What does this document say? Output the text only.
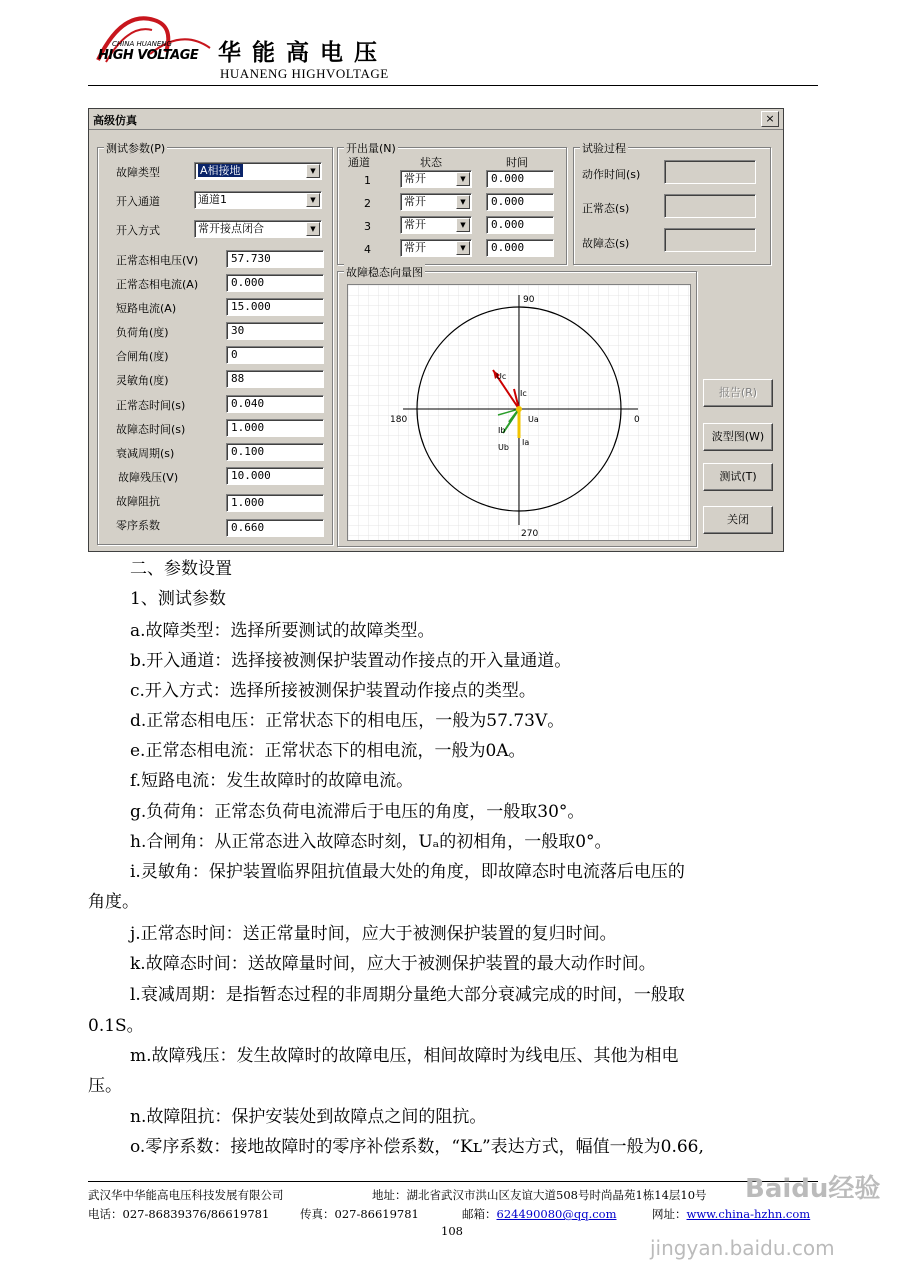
CHINA HUANENG
HIGH VOLTAGE 华能高电压
HUANENG HIGHVOLTAGE
高级仿真	×
测试参数(P)
故障类型	A相接地	▼
开入通道	通道1	▼
开入方式	常开接点闭合	▼
正常态相电压(V)	57.730
正常态相电流(A)	0.000
短路电流(A)	15.000
负荷角(度)	30
合闸角(度)	0
灵敏角(度)	88
正常态时间(s)	0.040
故障态时间(s)	1.000
衰减周期(s)	0.100
故障残压(V)	10.000
故障阻抗	1.000
零序系数	0.660
开出量(N)
通道	状态	时间
1	常开	▼	0.000
2	常开	▼	0.000
3	常开	▼	0.000
4	常开	▼	0.000
试验过程
动作时间(s)
正常态(s)
故障态(s)
故障稳态向量图
90
180	0
270
Uc
Ic
Ua
Ib
Ia
Ub
报告(R)
波型图(W)
测试(T)
关闭
二、参数设置
1、测试参数
a.故障类型：选择所要测试的故障类型。
b.开入通道：选择接被测保护装置动作接点的开入量通道。
c.开入方式：选择所接被测保护装置动作接点的类型。
d.正常态相电压：正常状态下的相电压，一般为57.73V。
e.正常态相电流：正常状态下的相电流，一般为0A。
f.短路电流：发生故障时的故障电流。
g.负荷角：正常态负荷电流滞后于电压的角度，一般取30°。
h.合闸角：从正常态进入故障态时刻，Uₐ的初相角，一般取0°。
i.灵敏角：保护装置临界阻抗值最大处的角度，即故障态时电流落后电压的
角度。
j.正常态时间：送正常量时间，应大于被测保护装置的复归时间。
k.故障态时间：送故障量时间，应大于被测保护装置的最大动作时间。
l.衰减周期：是指暂态过程的非周期分量绝大部分衰减完成的时间，一般取
0.1S。
m.故障残压：发生故障时的故障电压，相间故障时为线电压、其他为相电
压。
n.故障阻抗：保护安装处到故障点之间的阻抗。
o.零序系数：接地故障时的零序补偿系数，“Kʟ”表达方式，幅值一般为0.66,
武汉华中华能高电压科技发展有限公司	地址：湖北省武汉市洪山区友谊大道508号时尚晶苑1栋14层10号
电话：027-86839376/86619781	传真：027-86619781	邮箱：624490080@qq.com	网址：www.china-hzhn.com
108
Baidu经验
jingyan.baidu.com
